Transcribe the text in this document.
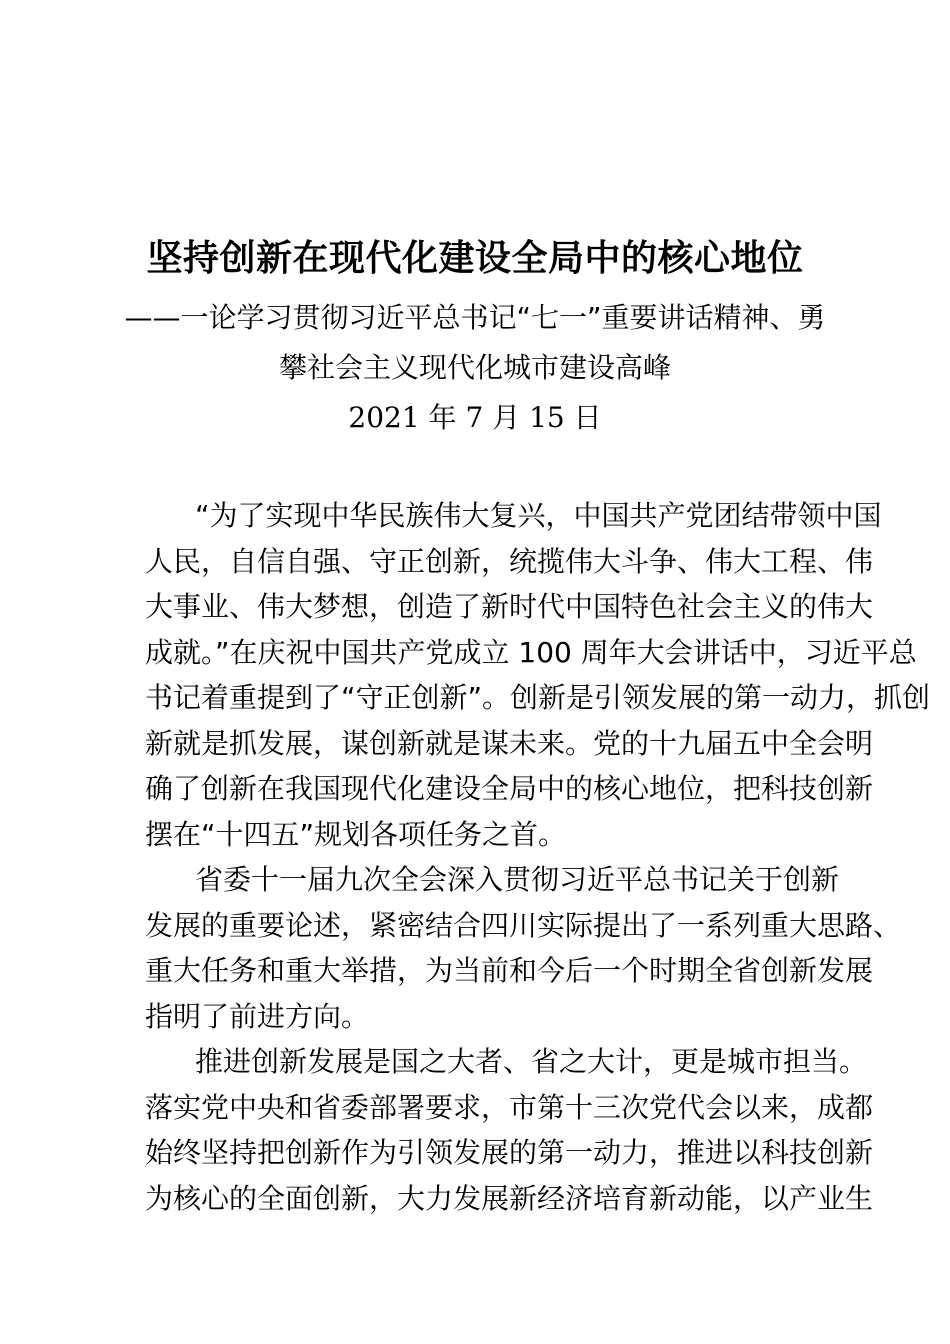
坚持创新在现代化建设全局中的核心地位
——一论学习贯彻习近平总书记“七一”重要讲话精神、勇
攀社会主义现代化城市建设高峰
2021 年 7 月 15 日

“为了实现中华民族伟大复兴，中国共产党团结带领中国
人民，自信自强、守正创新，统揽伟大斗争、伟大工程、伟
大事业、伟大梦想，创造了新时代中国特色社会主义的伟大
成就。”在庆祝中国共产党成立 100 周年大会讲话中，习近平总
书记着重提到了“守正创新”。创新是引领发展的第一动力，抓创
新就是抓发展，谋创新就是谋未来。党的十九届五中全会明
确了创新在我国现代化建设全局中的核心地位，把科技创新
摆在“十四五”规划各项任务之首。

省委十一届九次全会深入贯彻习近平总书记关于创新
发展的重要论述，紧密结合四川实际提出了一系列重大思路、
重大任务和重大举措，为当前和今后一个时期全省创新发展
指明了前进方向。

推进创新发展是国之大者、省之大计，更是城市担当。
落实党中央和省委部署要求，市第十三次党代会以来，成都
始终坚持把创新作为引领发展的第一动力，推进以科技创新
为核心的全面创新，大力发展新经济培育新动能，以产业生
